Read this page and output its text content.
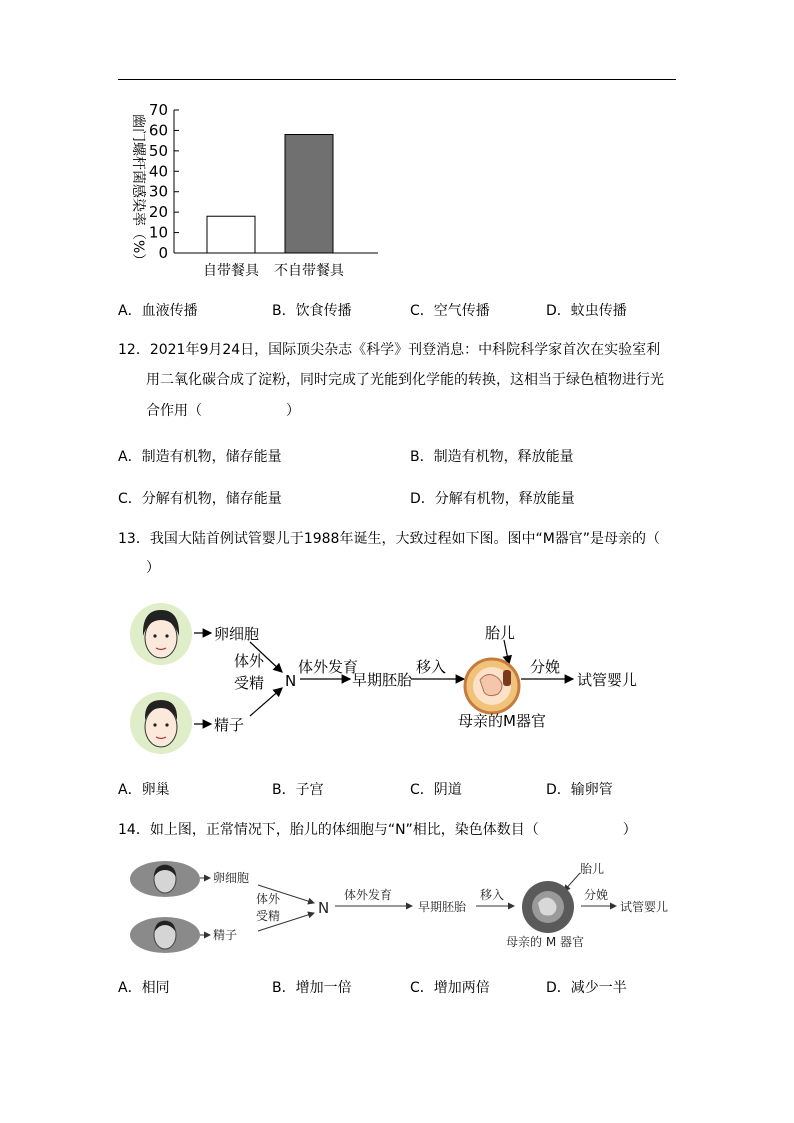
幽门螺杆菌感染率（%） 0
10
20
30
40
50
60
70
自带餐具 不自带餐具
A．血液传播	B．饮食传播	C．空气传播	D．蚊虫传播
12．2021年9月24日，国际顶尖杂志《科学》刊登消息：中科院科学家首次在实验室利
用二氧化碳合成了淀粉，同时完成了光能到化学能的转换，这相当于绿色植物进行光
合作用（　　　　　　）
A．制造有机物，储存能量	B．制造有机物，释放能量
C．分解有机物，储存能量	D．分解有机物，释放能量
13．我国大陆首例试管婴儿于1988年诞生，大致过程如下图。图中“M器官”是母亲的（
）
卵细胞
精子
体外
受精 N
体外发育
早期胚胎
移入
胎儿
分娩
试管婴儿
母亲的M器官
A．卵巢	B．子宫	C．阴道	D．输卵管
14．如上图，正常情况下，胎儿的体细胞与“N”相比，染色体数目（　　　　　　）
卵细胞
精子
体外
受精	N
体外发育
早期胚胎
移入
胎儿
分娩
试管婴儿
母亲的 M 器官
A．相同	B．增加一倍	C．增加两倍	D．减少一半
